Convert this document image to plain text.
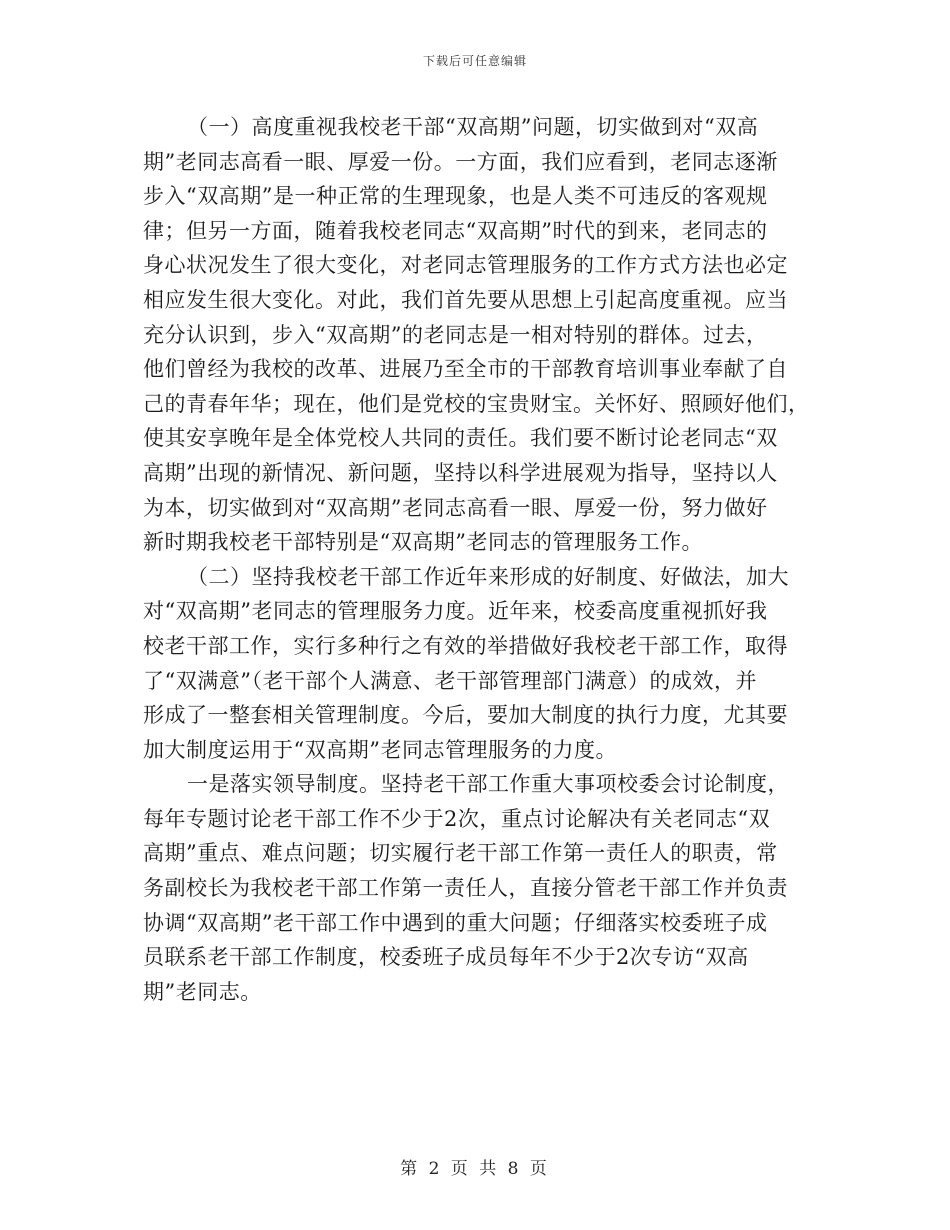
下载后可任意编辑
（一）高度重视我校老干部“双高期”问题，切实做到对“双高
期”老同志高看一眼、厚爱一份。一方面，我们应看到，老同志逐渐
步入“双高期”是一种正常的生理现象，也是人类不可违反的客观规
律；但另一方面，随着我校老同志“双高期”时代的到来，老同志的
身心状况发生了很大变化，对老同志管理服务的工作方式方法也必定
相应发生很大变化。对此，我们首先要从思想上引起高度重视。应当
充分认识到，步入“双高期”的老同志是一相对特别的群体。过去，
他们曾经为我校的改革、进展乃至全市的干部教育培训事业奉献了自
己的青春年华；现在，他们是党校的宝贵财宝。关怀好、照顾好他们，
使其安享晚年是全体党校人共同的责任。我们要不断讨论老同志“双
高期”出现的新情况、新问题，坚持以科学进展观为指导，坚持以人
为本，切实做到对“双高期”老同志高看一眼、厚爱一份，努力做好
新时期我校老干部特别是“双高期”老同志的管理服务工作。
（二）坚持我校老干部工作近年来形成的好制度、好做法，加大
对“双高期”老同志的管理服务力度。近年来，校委高度重视抓好我
校老干部工作，实行多种行之有效的举措做好我校老干部工作，取得
了“双满意”（老干部个人满意、老干部管理部门满意）的成效，并
形成了一整套相关管理制度。今后，要加大制度的执行力度，尤其要
加大制度运用于“双高期”老同志管理服务的力度。
一是落实领导制度。坚持老干部工作重大事项校委会讨论制度，
每年专题讨论老干部工作不少于2次，重点讨论解决有关老同志“双
高期”重点、难点问题；切实履行老干部工作第一责任人的职责，常
务副校长为我校老干部工作第一责任人，直接分管老干部工作并负责
协调“双高期”老干部工作中遇到的重大问题；仔细落实校委班子成
员联系老干部工作制度，校委班子成员每年不少于2次专访“双高
期”老同志。
第 2 页 共 8 页
